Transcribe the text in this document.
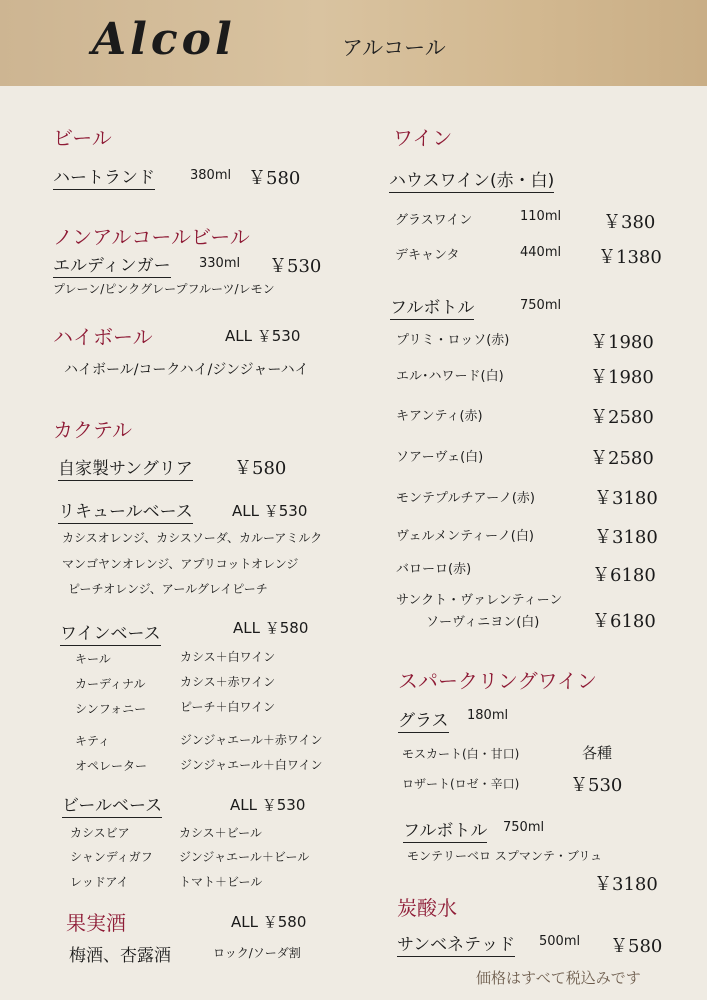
Alcol	アルコール
ビール
ハートランド	380ml ￥580
ノンアルコールビール
エルディンガー 330ml ￥530
プレーン/ピンクグレープフルーツ/レモン
ハイボール	ALL ￥530
ハイボール/コークハイ/ジンジャーハイ
カクテル
自家製サングリア ￥580
リキュールベース	ALL ￥530
カシスオレンジ、カシスソーダ、カルーアミルク
マンゴヤンオレンジ、アプリコットオレンジ
ピーチオレンジ、アールグレイピーチ
ワインベース	ALL ￥580
キール	カシス＋白ワイン
カーディナル	カシス＋赤ワイン
シンフォニー	ピーチ＋白ワイン
キティ	ジンジャエール＋赤ワイン
オペレーター	ジンジャエール＋白ワイン
ビールベース	ALL ￥530
カシスビア	カシス＋ビール
シャンディガフ ジンジャエール＋ビール
レッドアイ	トマト＋ビール
果実酒	ALL ￥580
梅酒、杏露酒	ロック/ソーダ割
ワイン
ハウスワイン(赤・白)
グラスワイン	110ml ￥380
デキャンタ	440ml ￥1380
フルボトル	750ml
プリミ・ロッソ(赤)	￥1980
エル･ハワード(白)	￥1980
キアンティ(赤)	￥2580
ソアーヴェ(白)	￥2580
モンテプルチアーノ(赤)	￥3180
ヴェルメンティーノ(白)	￥3180
バローロ(赤)	￥6180
サンクト・ヴァレンティーン
ソーヴィニヨン(白)	￥6180
スパークリングワイン
グラス 180ml
モスカート(白・甘口)	各種
ロザート(ロゼ・辛口)	￥530
フルボトル 750ml
モンテリーベロ スプマンテ・ブリュ
￥3180
炭酸水
サンベネテッド 500ml ￥580
価格はすべて税込みです
